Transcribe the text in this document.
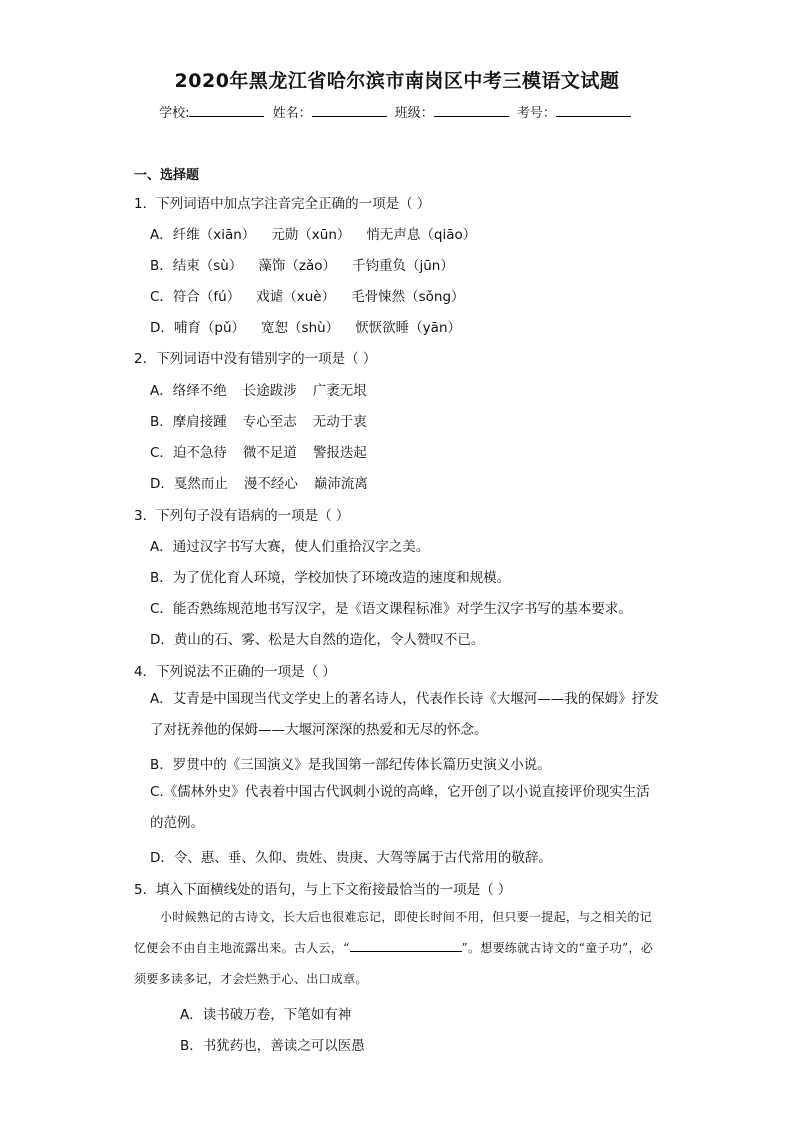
2020年黑龙江省哈尔滨市南岗区中考三模语文试题
学校:	姓名：	班级：	考号：
一、选择题
1．下列词语中加点字注音完全正确的一项是（ ）
A．纤维（xiān） 元勋（xūn） 悄无声息（qiāo）
B．结束（sù） 藻饰（zǎo） 千钧重负（jūn）
C．符合（fú） 戏谑（xuè） 毛骨悚然（sǒng）
D．哺育（pǔ） 宽恕（shù） 恹恹欲睡（yān）
2．下列词语中没有错别字的一项是（ ）
A．络绎不绝 长途跋涉 广袤无垠
B．摩肩接踵 专心至志 无动于衷
C．迫不急待 微不足道 警报迭起
D．戛然而止 漫不经心 巅沛流离
3．下列句子没有语病的一项是（ ）
A．通过汉字书写大赛，使人们重拾汉字之美。
B．为了优化育人环境，学校加快了环境改造的速度和规模。
C．能否熟练规范地书写汉字，是《语文课程标准》对学生汉字书写的基本要求。
D．黄山的石、雾、松是大自然的造化，令人赞叹不已。
4．下列说法不正确的一项是（ ）
A．艾青是中国现当代文学史上的著名诗人，代表作长诗《大堰河——我的保姆》抒发了对抚养他的保姆——大堰河深深的热爱和无尽的怀念。
B．罗贯中的《三国演义》是我国第一部纪传体长篇历史演义小说。
C.《儒林外史》代表着中国古代讽刺小说的高峰，它开创了以小说直接评价现实生活的范例。
D．令、惠、垂、久仰、贵姓、贵庚、大驾等属于古代常用的敬辞。
5．填入下面横线处的语句，与上下文衔接最恰当的一项是（ ）
小时候熟记的古诗文，长大后也很难忘记，即使长时间不用，但只要一提起，与之相关的记忆便会不由自主地流露出来。古人云，“	”。想要练就古诗文的“童子功”，必须要多读多记，才会烂熟于心、出口成章。
A．读书破万卷，下笔如有神
B．书犹药也，善读之可以医愚
